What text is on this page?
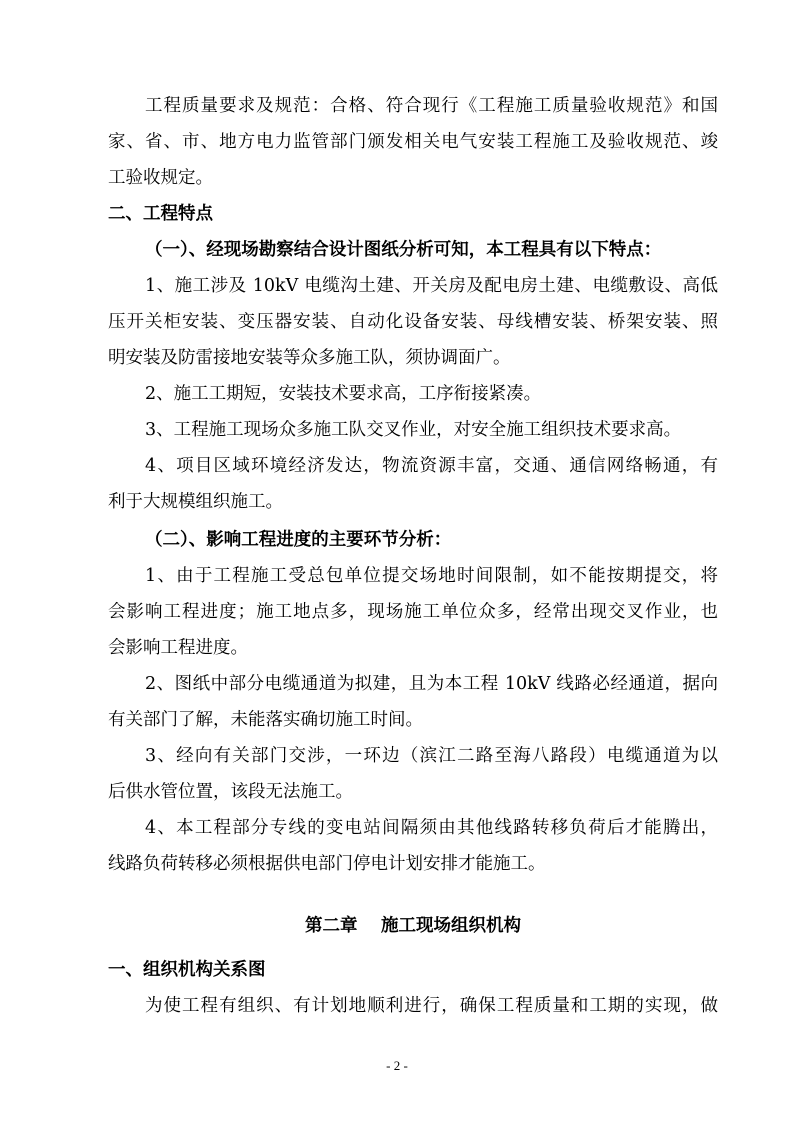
工程质量要求及规范：合格、符合现行《工程施工质量验收规范》和国
家、省、市、地方电力监管部门颁发相关电气安装工程施工及验收规范、竣
工验收规定。
二、工程特点
（一）、经现场勘察结合设计图纸分析可知，本工程具有以下特点：
1、施工涉及 10kV 电缆沟土建、开关房及配电房土建、电缆敷设、高低
压开关柜安装、变压器安装、自动化设备安装、母线槽安装、桥架安装、照
明安装及防雷接地安装等众多施工队，须协调面广。
2、施工工期短，安装技术要求高，工序衔接紧凑。
3、工程施工现场众多施工队交叉作业，对安全施工组织技术要求高。
4、项目区域环境经济发达，物流资源丰富，交通、通信网络畅通，有
利于大规模组织施工。
（二）、影响工程进度的主要环节分析：
1、由于工程施工受总包单位提交场地时间限制，如不能按期提交，将
会影响工程进度；施工地点多，现场施工单位众多，经常出现交叉作业，也
会影响工程进度。
2、图纸中部分电缆通道为拟建，且为本工程 10kV 线路必经通道，据向
有关部门了解，未能落实确切施工时间。
3、经向有关部门交涉，一环边（滨江二路至海八路段）电缆通道为以
后供水管位置，该段无法施工。
4、本工程部分专线的变电站间隔须由其他线路转移负荷后才能腾出，
线路负荷转移必须根据供电部门停电计划安排才能施工。
第二章　 施工现场组织机构
一、组织机构关系图
为使工程有组织、有计划地顺利进行，确保工程质量和工期的实现，做
- 2 -
